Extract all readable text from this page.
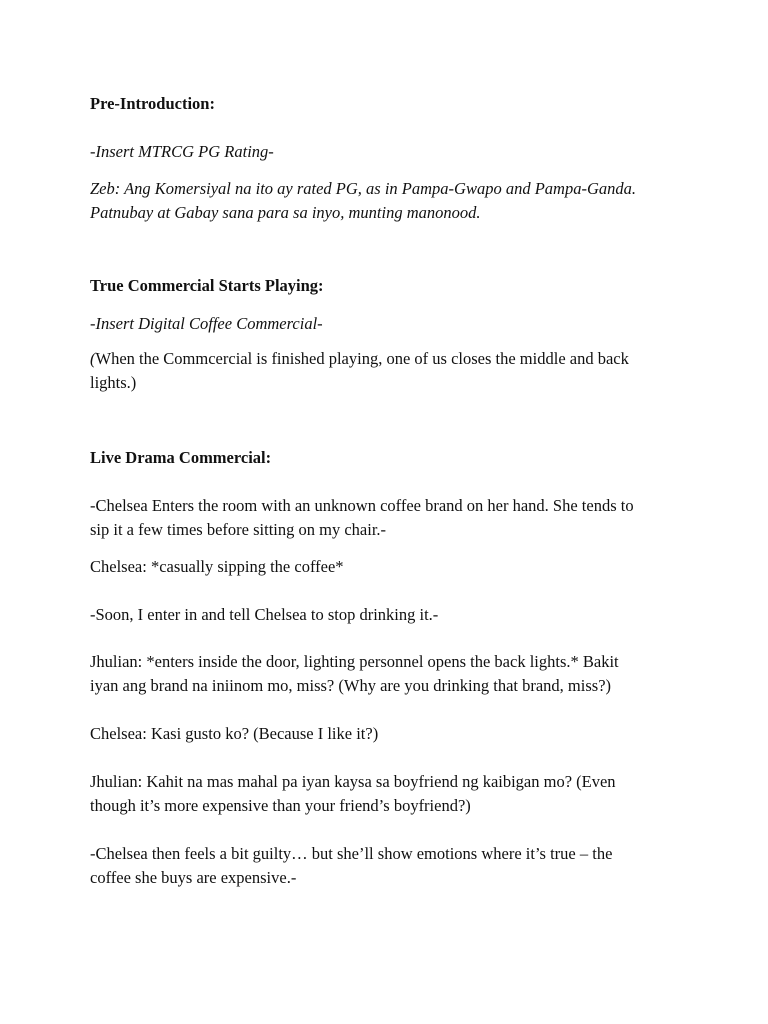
Pre-Introduction:

-Insert MTRCG PG Rating-

Zeb: Ang Komersiyal na ito ay rated PG, as in Pampa-Gwapo and Pampa-Ganda.
Patnubay at Gabay sana para sa inyo, munting manonood.

True Commercial Starts Playing:

-Insert Digital Coffee Commercial-

(When the Commcercial is finished playing, one of us closes the middle and back
lights.)

Live Drama Commercial:

-Chelsea Enters the room with an unknown coffee brand on her hand. She tends to
sip it a few times before sitting on my chair.-

Chelsea: *casually sipping the coffee*

-Soon, I enter in and tell Chelsea to stop drinking it.-

Jhulian: *enters inside the door, lighting personnel opens the back lights.* Bakit
iyan ang brand na iniinom mo, miss? (Why are you drinking that brand, miss?)

Chelsea: Kasi gusto ko? (Because I like it?)

Jhulian: Kahit na mas mahal pa iyan kaysa sa boyfriend ng kaibigan mo? (Even
though it’s more expensive than your friend’s boyfriend?)
-Chelsea then feels a bit guilty… but she’ll show emotions where it’s true – the
coffee she buys are expensive.-
